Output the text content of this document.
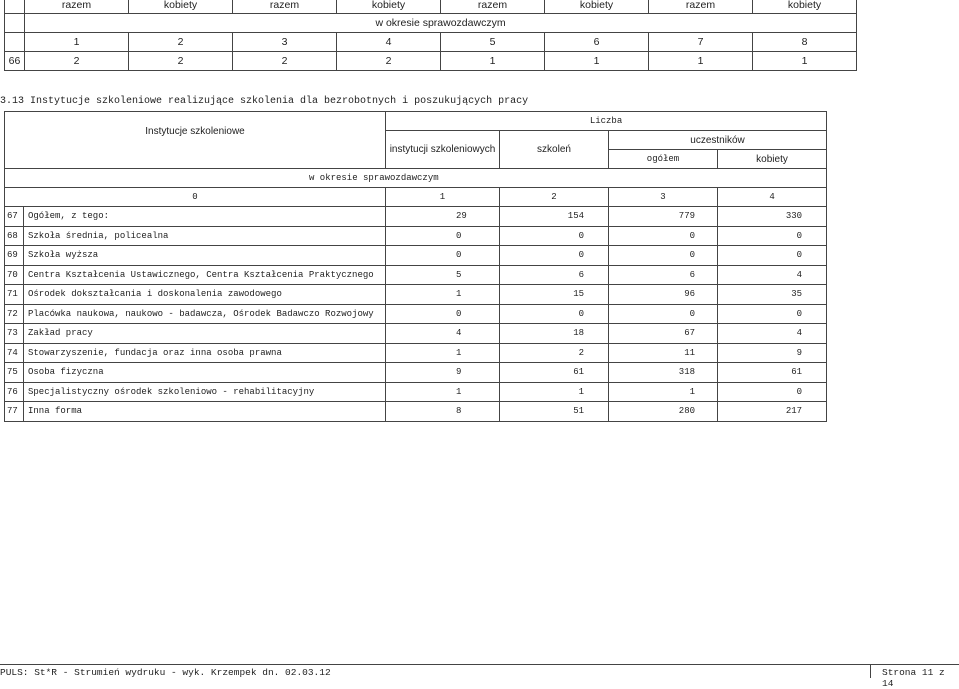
	razem	kobiety	razem	kobiety	razem	kobiety	razem	kobiety
	w okresie sprawozdawczym							
	1	2	3	4	5	6	7	8
66	2	2	2	2	1	1	1	1
3.13 Instytucje szkoleniowe realizujące szkolenia dla bezrobotnych i poszukujących pracy
Instytucje szkoleniowe		Liczba			
		instytucji szkoleniowych	szkoleń	uczestników	
				ogółem	kobiety
w okresie sprawozdawczym					
0		1	2	3	4
67	Ogółem, z tego:	29	154	779	330
68	Szkoła średnia, policealna	0	0	0	0
69	Szkoła wyższa	0	0	0	0
70	Centra Kształcenia Ustawicznego, Centra Kształcenia Praktycznego	5	6	6	4
71	Ośrodek dokształcania i doskonalenia zawodowego	1	15	96	35
72	Placówka naukowa, naukowo - badawcza, Ośrodek Badawczo Rozwojowy	0	0	0	0
73	Zakład pracy	4	18	67	4
74	Stowarzyszenie, fundacja oraz inna osoba prawna	1	2	11	9
75	Osoba fizyczna	9	61	318	61
76	Specjalistyczny ośrodek szkoleniowo - rehabilitacyjny	1	1	1	0
77	Inna forma	8	51	280	217
PULS: St*R - Strumień wydruku - wyk. Krzempek dn. 02.03.12	Strona 11 z 14
